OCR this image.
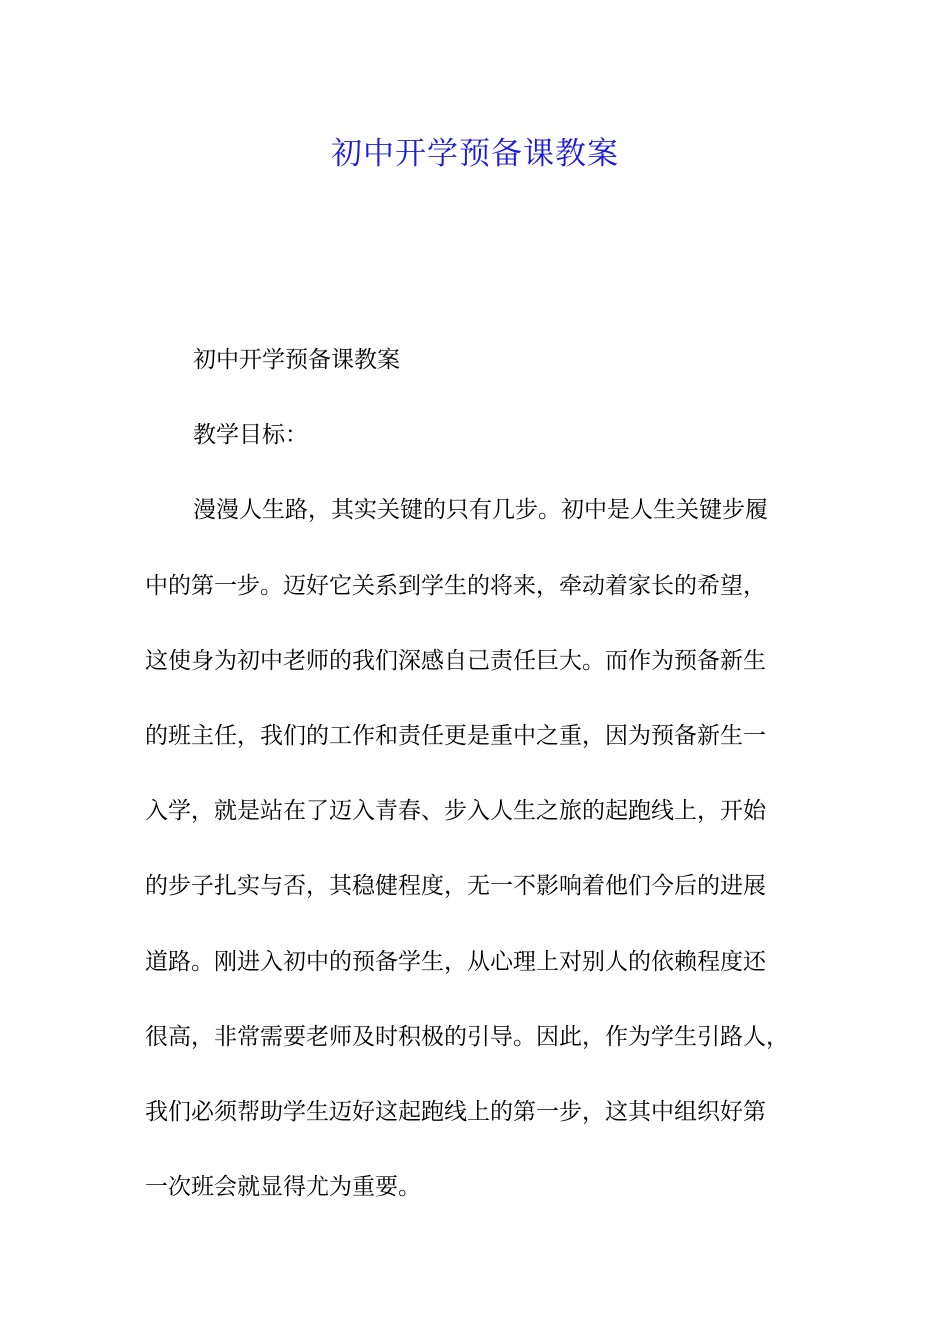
初中开学预备课教案
初中开学预备课教案
教学目标：
漫漫人生路，其实关键的只有几步。初中是人生关键步履
中的第一步。迈好它关系到学生的将来，牵动着家长的希望，
这使身为初中老师的我们深感自己责任巨大。而作为预备新生
的班主任，我们的工作和责任更是重中之重，因为预备新生一
入学，就是站在了迈入青春、步入人生之旅的起跑线上，开始
的步子扎实与否，其稳健程度，无一不影响着他们今后的进展
道路。刚进入初中的预备学生，从心理上对别人的依赖程度还
很高，非常需要老师及时积极的引导。因此，作为学生引路人，
我们必须帮助学生迈好这起跑线上的第一步，这其中组织好第
一次班会就显得尤为重要。
